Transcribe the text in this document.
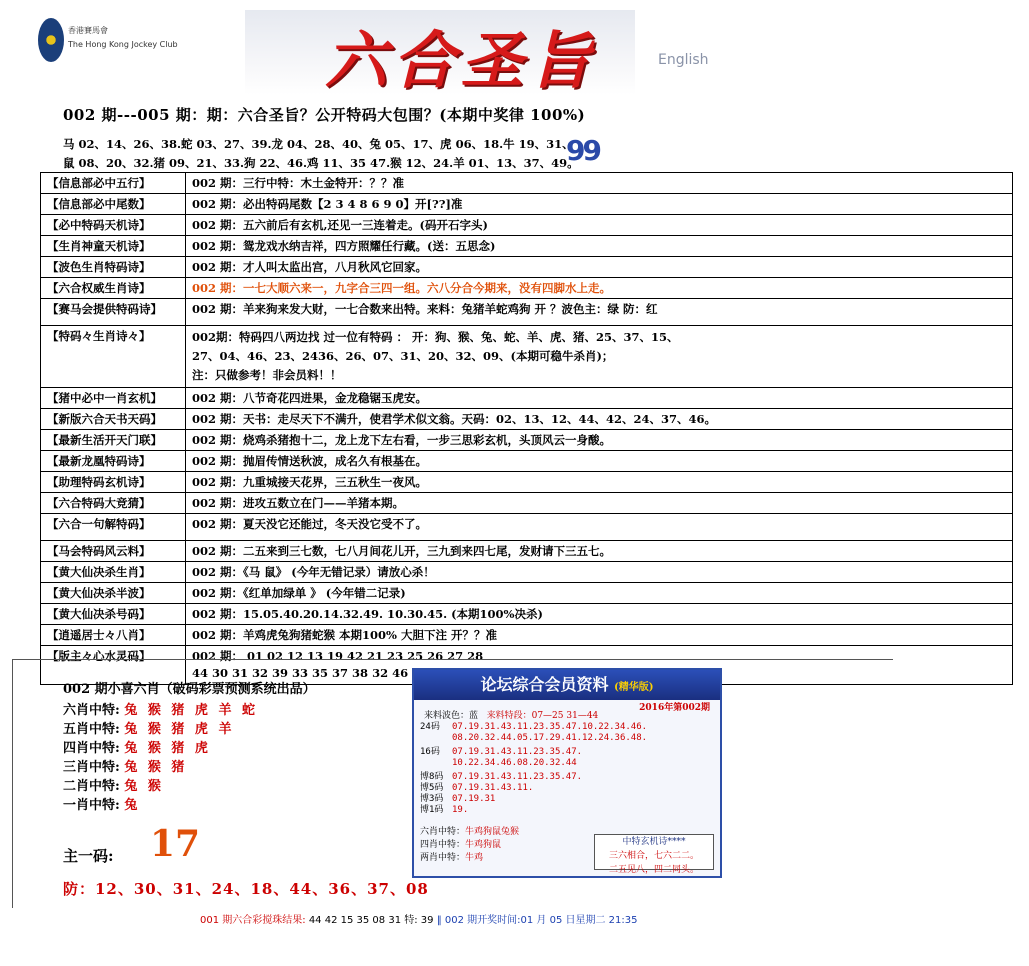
香港賽馬會
The Hong Kong Jockey Club 六合圣旨	English
002 期---005 期：期：六合圣旨？公开特码大包围？(本期中奖律 100%)
马 02、14、26、38.蛇 03、27、39.龙 04、28、40、兔 05、17、虎 06、18.牛 19、31、
鼠 08、20、32.猪 09、21、33.狗 22、46.鸡 11、35 47.猴 12、24.羊 01、13、37、49。
99
【信息部必中五行】	002 期：三行中特：木土金特开：？？准
【信息部必中尾数】	002 期：必出特码尾数【2 3 4 8 6 9 0】开[??]准
【必中特码天机诗】	002 期：五六前后有玄机,还见一三连着走。(码开石字头)
【生肖神童天机诗】	002 期：鸳龙戏水纳吉祥，四方照耀任行藏。(送：五思念)
【波色生肖特码诗】	002 期：才人叫太监出宫，八月秋风它回家。
【六合权威生肖诗】	002 期：一七大顺六来一，九字合三四一组。六八分合今期来，没有四脚水上走。
【赛马会提供特码诗】	002 期：羊来狗来发大财，一七合数来出特。来料：兔猪羊蛇鸡狗 开 ？波色主：绿 防：红
【特码々生肖诗々】	002期：特码四八两边找 过一位有特码 ： 开：狗、猴、兔、蛇、羊、虎、猪、25、37、15、
27、04、46、23、2436、26、07、31、20、32、09、(本期可稳牛杀肖)；
注：只做参考！非会员料！！

【猪中必中一肖玄机】	002 期：八节奇花四进果，金龙稳锯玉虎安。
【新版六合天书天码】	002 期：天书：走尽天下不满升，使君学术似文翁。天码：02、13、12、44、42、24、37、46。
【最新生活开天门联】	002 期：烧鸡杀猪抱十二，龙上龙下左右看，一步三思彩玄机，头顶风云一身酸。
【最新龙凰特码诗】	002 期：抛眉传情送秋波，成名久有根基在。
【助理特码玄机诗】	002 期：九重城接天花界，三五秋生一夜风。
【六合特码大竞猜】	002 期：进攻五数立在门——羊猪本期。
【六合一句解特码】	002 期：夏天没它还能过，冬天没它受不了。
【马会特码风云料】	002 期：二五来到三七数，七八月间花儿开，三九到来四七尾，发财请下三五七。
【黄大仙决杀生肖】	002 期：《马 鼠》 (今年无错记录）请放心杀！
【黄大仙决杀半波】	002 期：《红单加绿单 》 (今年错二记录)
【黄大仙决杀号码】	002 期：15.05.40.20.14.32.49. 10.30.45. (本期100%决杀)
【逍遥居士々八肖】	002 期：羊鸡虎兔狗猪蛇猴 本期100% 大胆下注 开？？准
【版主々心水灵码】	002 期： 01 02 12 13 19 42 21 23 25 26 27 28
44 30 31 32 39 33 35 37 38 32 46
002 期小喜六肖（破码彩票预测系统出品）
六肖中特: 兔 猴 猪 虎 羊 蛇
五肖中特: 兔 猴 猪 虎 羊
四肖中特: 兔 猴 猪 虎
三肖中特: 兔 猴 猪
二肖中特: 兔 猴
一肖中特: 兔
主一码: 17
防：12、30、31、24、18、44、36、37、08
001 期六合彩搅珠结果: 44 42 15 35 08 31 特: 39 ‖ 002 期开奖时间:01 月 05 日星期二 21:35
论坛综合会员资料 (精华版)
2016年第002期
来料波色：蓝 来料特段：07—25 31—44
24码 07.19.31.43.11.23.35.47.10.22.34.46.
08.20.32.44.05.17.29.41.12.24.36.48.
16码 07.19.31.43.11.23.35.47.
10.22.34.46.08.20.32.44
博8码 07.19.31.43.11.23.35.47.
博5码 07.19.31.43.11.
博3码 07.19.31
博1码 19.
六肖中特：牛鸡狗鼠兔猴
四肖中特：牛鸡狗鼠
两肖中特：牛鸡
中特玄机诗****
三六相合，七六二二。
二五见八，四二同头。
